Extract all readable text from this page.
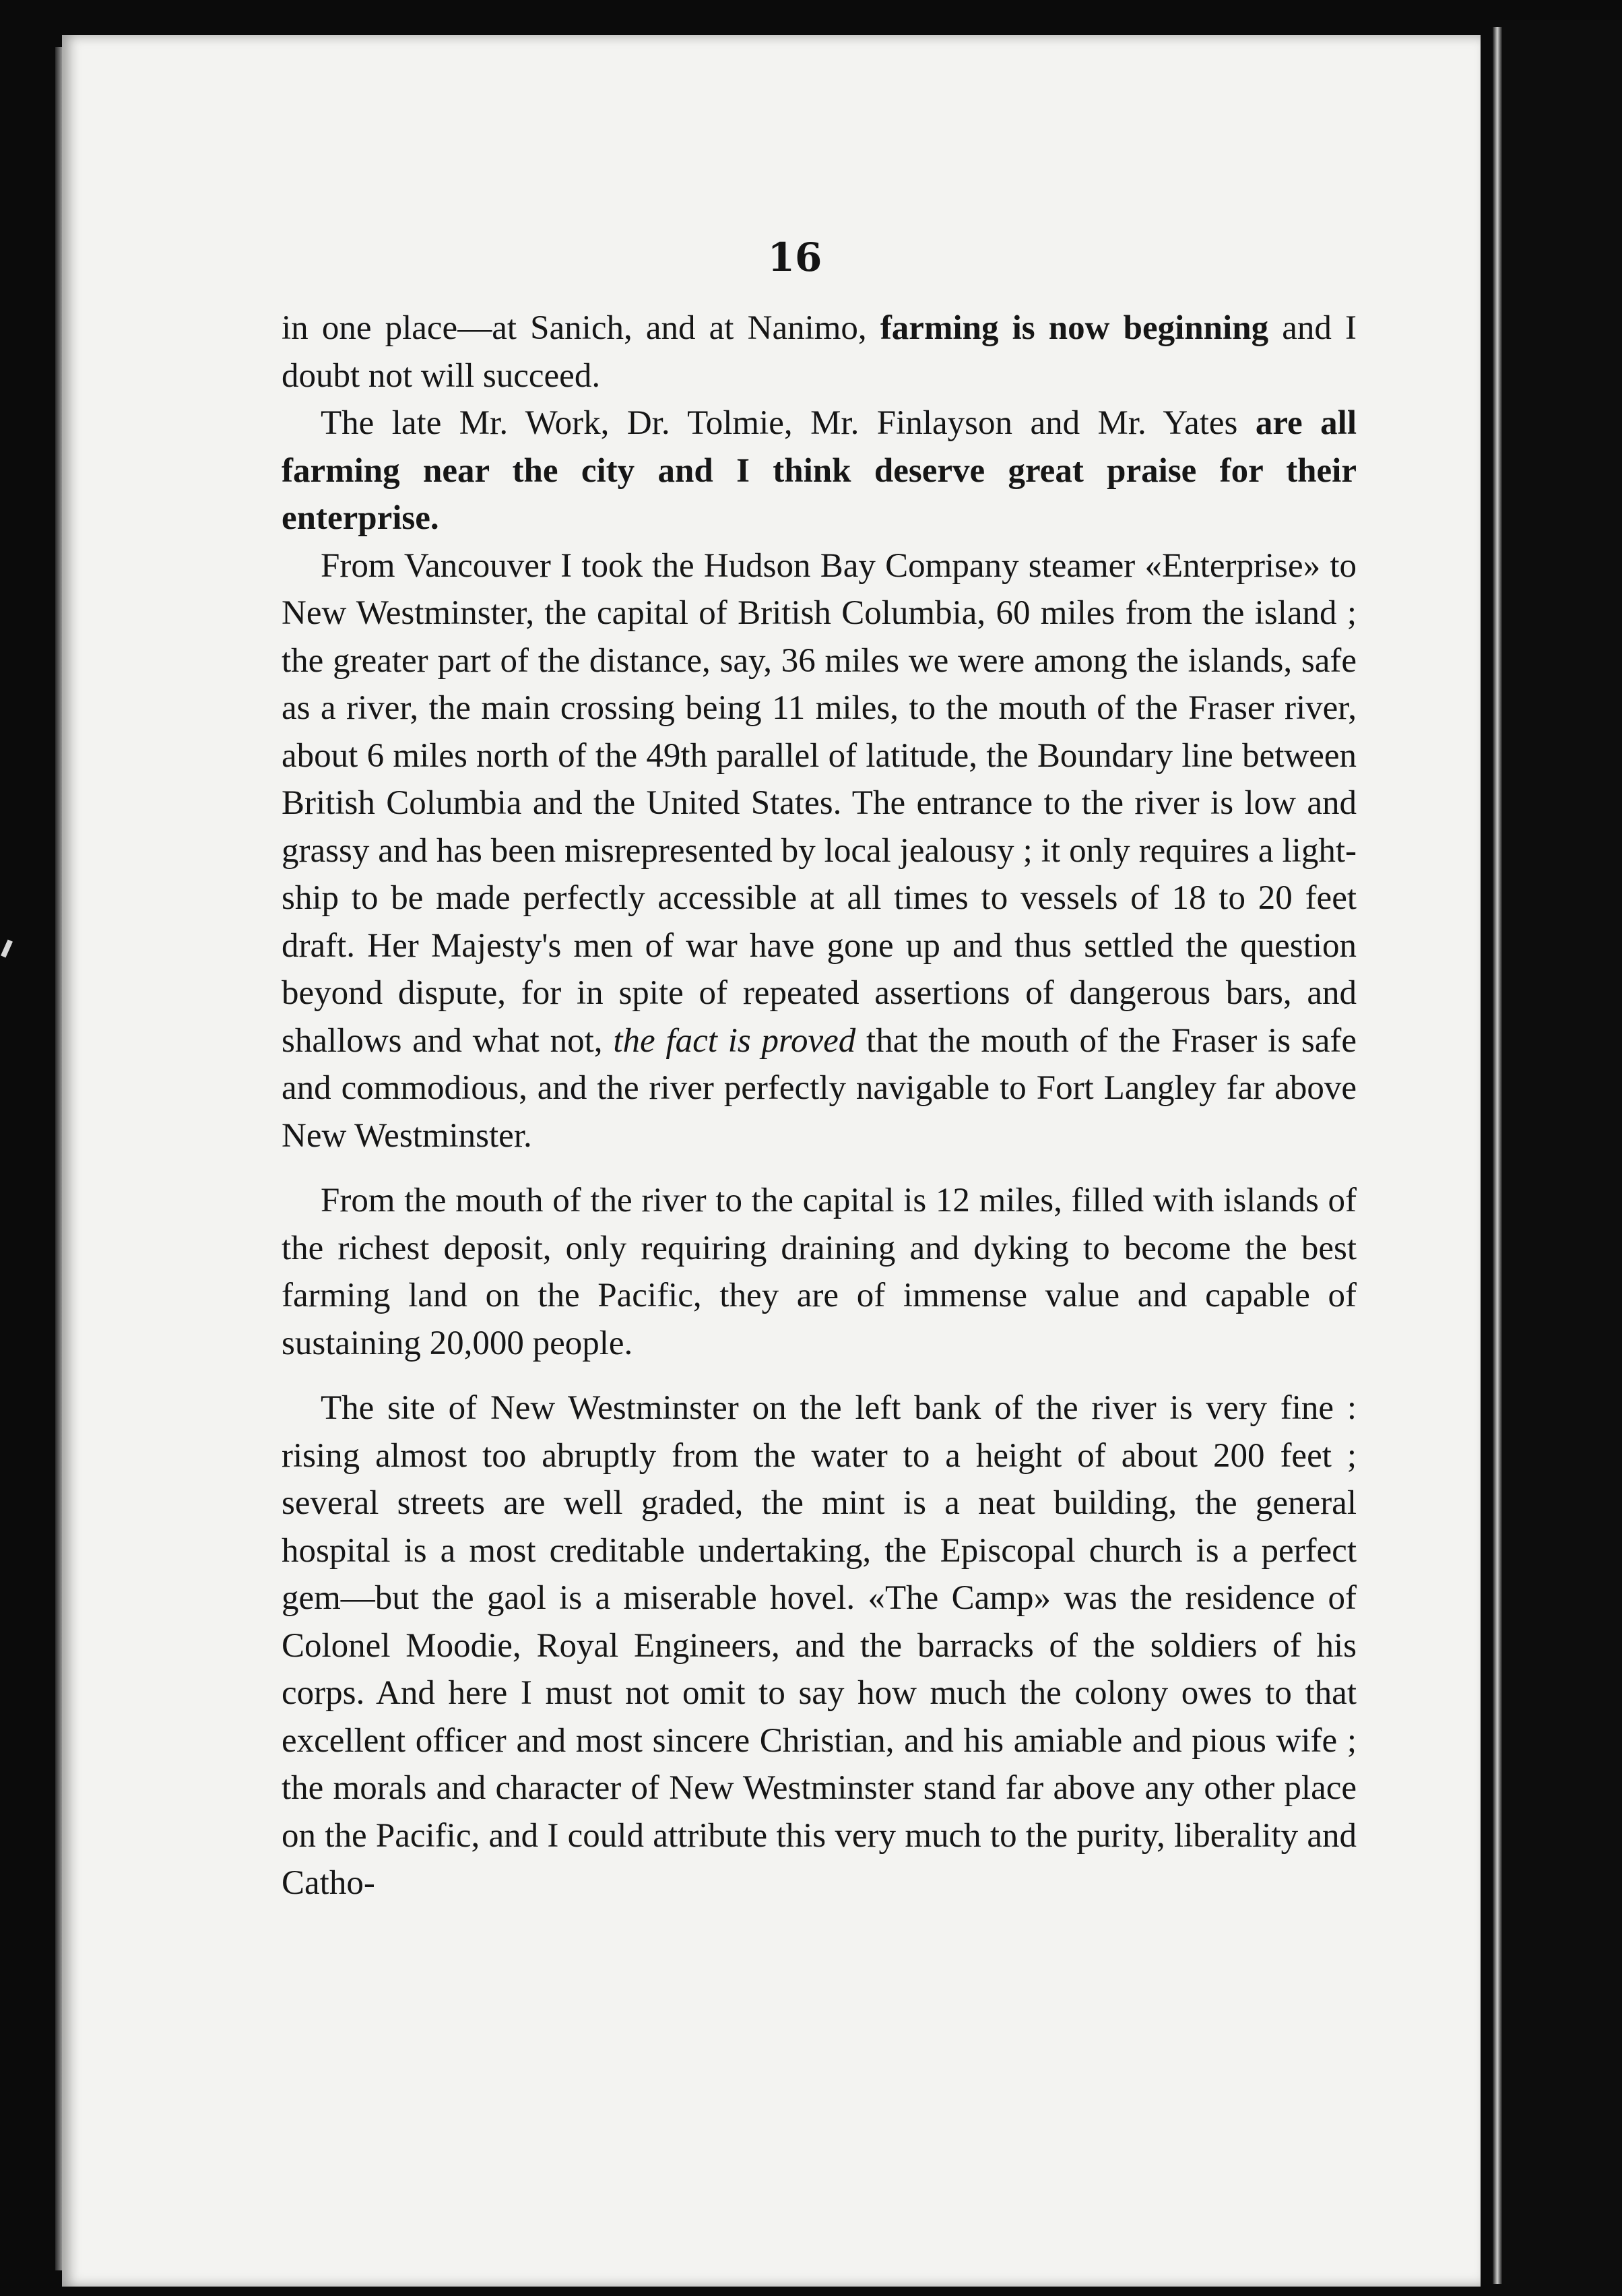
16

in one place—at Sanich, and at Nanimo, farming is now beginning and I doubt not will succeed.

The late Mr. Work, Dr. Tolmie, Mr. Finlayson and Mr. Yates are all farming near the city and I think deserve great praise for their enterprise.

From Vancouver I took the Hudson Bay Company steamer «Enterprise» to New Westminster, the capital of British Columbia, 60 miles from the island ; the greater part of the distance, say, 36 miles we were among the islands, safe as a river, the main crossing being 11 miles, to the mouth of the Fraser river, about 6 miles north of the 49th parallel of latitude, the Boundary line between British Columbia and the United States. The entrance to the river is low and grassy and has been misrepresented by local jealousy ; it only requires a light-ship to be made perfectly accessible at all times to vessels of 18 to 20 feet draft. Her Majesty's men of war have gone up and thus settled the question beyond dispute, for in spite of repeated assertions of dangerous bars, and shallows and what not, the fact is proved that the mouth of the Fraser is safe and commodious, and the river perfectly navigable to Fort Langley far above New Westminster.

From the mouth of the river to the capital is 12 miles, filled with islands of the richest deposit, only requiring draining and dyking to become the best farming land on the Pacific, they are of immense value and capable of sustaining 20,000 people.

The site of New Westminster on the left bank of the river is very fine : rising almost too abruptly from the water to a height of about 200 feet ; several streets are well graded, the mint is a neat building, the general hospital is a most creditable undertaking, the Episcopal church is a perfect gem—but the gaol is a miserable hovel. «The Camp» was the residence of Colonel Moodie, Royal Engineers, and the barracks of the soldiers of his corps. And here I must not omit to say how much the colony owes to that excellent officer and most sincere Christian, and his amiable and pious wife ; the morals and character of New Westminster stand far above any other place on the Pacific, and I could attribute this very much to the purity, liberality and Catho-
